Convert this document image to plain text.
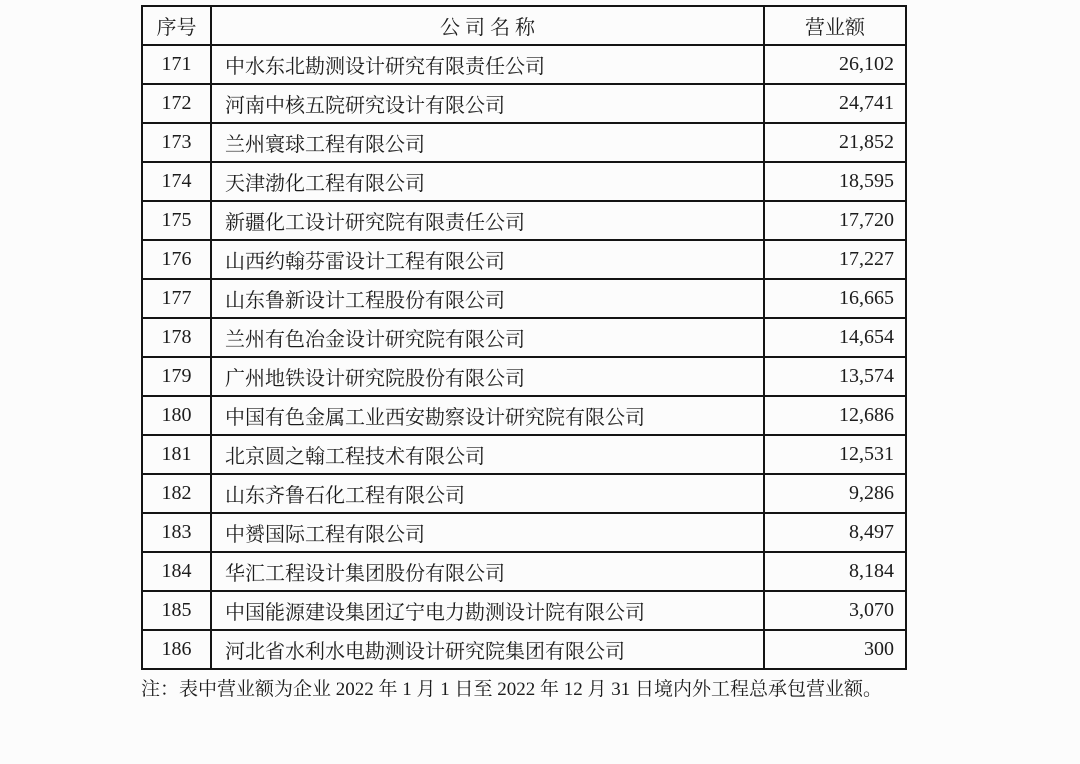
序号	公 司 名 称	营业额
171	中水东北勘测设计研究有限责任公司	26,102
172	河南中核五院研究设计有限公司	24,741
173	兰州寰球工程有限公司	21,852
174	天津渤化工程有限公司	18,595
175	新疆化工设计研究院有限责任公司	17,720
176	山西约翰芬雷设计工程有限公司	17,227
177	山东鲁新设计工程股份有限公司	16,665
178	兰州有色冶金设计研究院有限公司	14,654
179	广州地铁设计研究院股份有限公司	13,574
180	中国有色金属工业西安勘察设计研究院有限公司	12,686
181	北京圆之翰工程技术有限公司	12,531
182	山东齐鲁石化工程有限公司	9,286
183	中赟国际工程有限公司	8,497
184	华汇工程设计集团股份有限公司	8,184
185	中国能源建设集团辽宁电力勘测设计院有限公司	3,070
186	河北省水利水电勘测设计研究院集团有限公司	300
注：表中营业额为企业 2022 年 1 月 1 日至 2022 年 12 月 31 日境内外工程总承包营业额。
